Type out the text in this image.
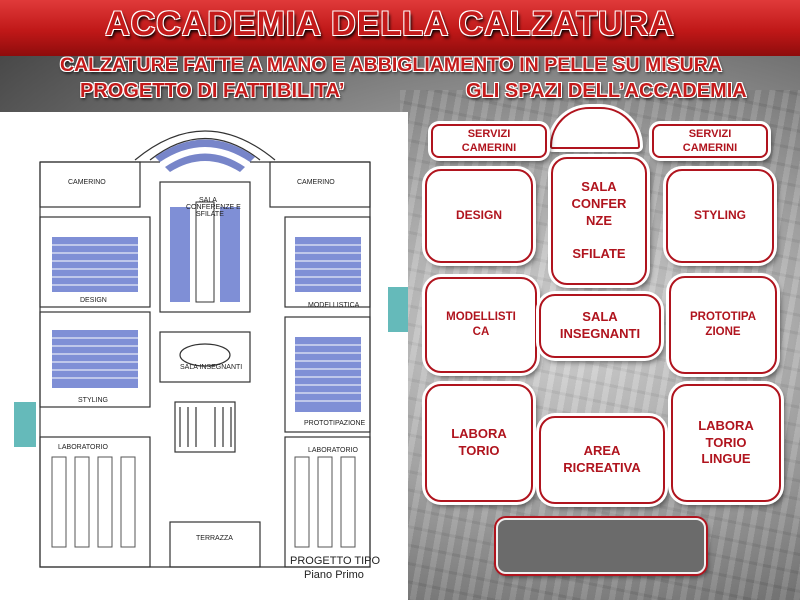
ACCADEMIA DELLA CALZATURA
CALZATURE FATTE A MANO E ABBIGLIAMENTO IN PELLE SU MISURA
PROGETTO DI FATTIBILITA’	GLI SPAZI DELL’ACCADEMIA
CAMERINO	CAMERINO
SALA
CONFERENZE E
SFILATE
DESIGN
MODELLISTICA
SALA INSEGNANTI
STYLING
PROTOTIPAZIONE
LABORATORIO	LABORATORIO
TERRAZZA
PROGETTO TIPO
Piano Primo
SERVIZI
CAMERINI
SERVIZI
CAMERINI
DESIGN
SALA
CONFER
NZE

SFILATE
STYLING
MODELLISTI
CA
SALA
INSEGNANTI
PROTOTIPA
ZIONE
LABORA
TORIO	AREA
RICREATIVA
LABORA
TORIO
LINGUE
